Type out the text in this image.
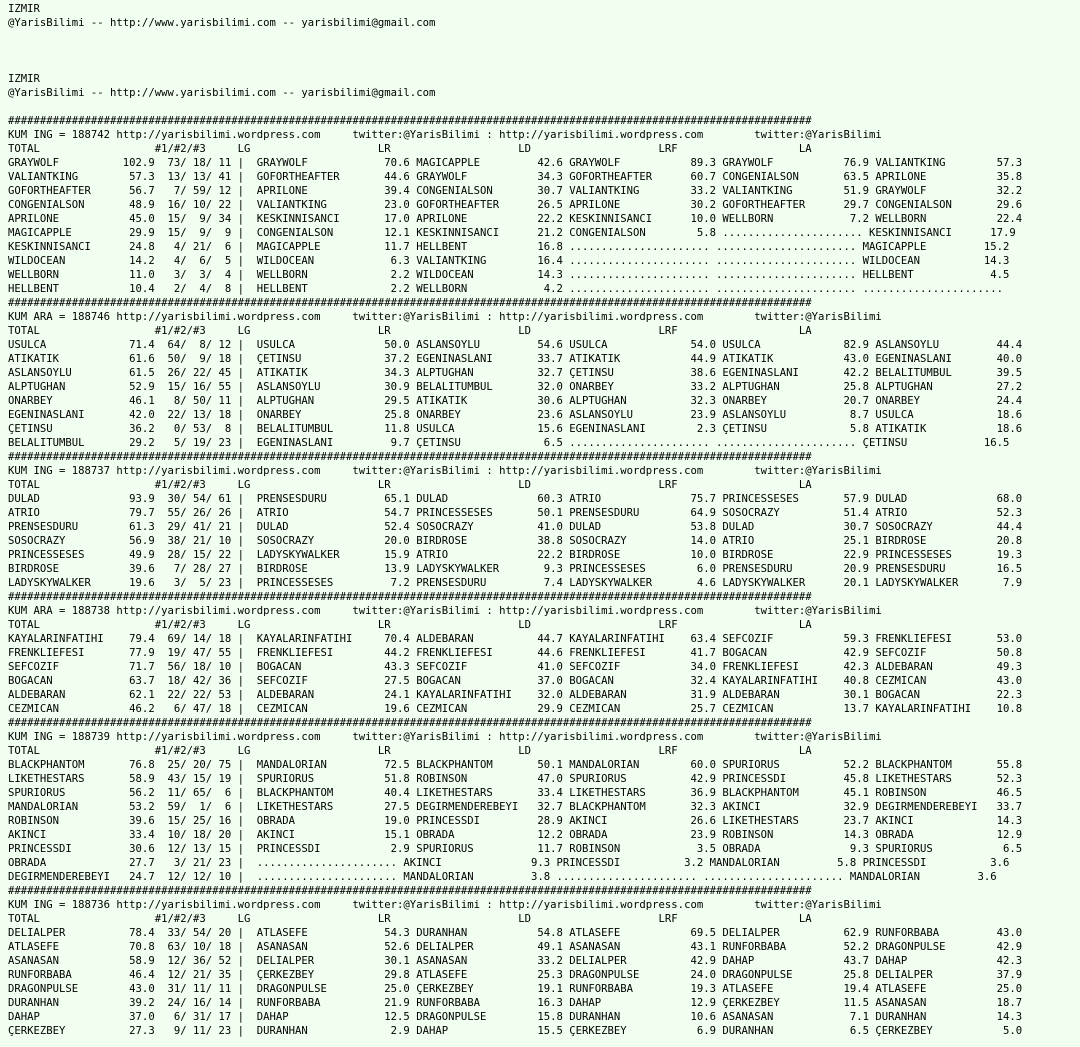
IZMIR
@YarisBilimi -- http://www.yarisbilimi.com -- yarisbilimi@gmail.com
IZMIR
@YarisBilimi -- http://www.yarisbilimi.com -- yarisbilimi@gmail.com
##############################################################################################################################
KUM ING = 188742 http://yarisbilimi.wordpress.com     twitter:@YarisBilimi : http://yarisbilimi.wordpress.com        twitter:@YarisBilimi
TOTAL                  #1/#2/#3     LG                    LR                    LD                    LRF                   LA
GRAYWOLF          102.9  73/ 18/ 11 |  GRAYWOLF            70.6 MAGICAPPLE         42.6 GRAYWOLF           89.3 GRAYWOLF           76.9 VALIANTKING        57.3
VALIANTKING        57.3  13/ 13/ 41 |  GOFORTHEAFTER       44.6 GRAYWOLF           34.3 GOFORTHEAFTER      60.7 CONGENIALSON       63.5 APRILONE           35.8
GOFORTHEAFTER      56.7   7/ 59/ 12 |  APRILONE            39.4 CONGENIALSON       30.7 VALIANTKING        33.2 VALIANTKING        51.9 GRAYWOLF           32.2
CONGENIALSON       48.9  16/ 10/ 22 |  VALIANTKING         23.0 GOFORTHEAFTER      26.5 APRILONE           30.2 GOFORTHEAFTER      29.7 CONGENIALSON       29.6
APRILONE           45.0  15/  9/ 34 |  KESKINNISANCI       17.0 APRILONE           22.2 KESKINNISANCI      10.0 WELLBORN            7.2 WELLBORN           22.4
MAGICAPPLE         29.9  15/  9/  9 |  CONGENIALSON        12.1 KESKINNISANCI      21.2 CONGENIALSON        5.8 ...................... KESKINNISANCI      17.9
KESKINNISANCI      24.8   4/ 21/  6 |  MAGICAPPLE          11.7 HELLBENT           16.8 ...................... ...................... MAGICAPPLE         15.2
WILDOCEAN          14.2   4/  6/  5 |  WILDOCEAN            6.3 VALIANTKING        16.4 ...................... ...................... WILDOCEAN          14.3
WELLBORN           11.0   3/  3/  4 |  WELLBORN             2.2 WILDOCEAN          14.3 ...................... ...................... HELLBENT            4.5
HELLBENT           10.4   2/  4/  8 |  HELLBENT             2.2 WELLBORN            4.2 ...................... ...................... ......................
##############################################################################################################################
KUM ARA = 188746 http://yarisbilimi.wordpress.com     twitter:@YarisBilimi : http://yarisbilimi.wordpress.com        twitter:@YarisBilimi
TOTAL                  #1/#2/#3     LG                    LR                    LD                    LRF                   LA
USULCA             71.4  64/  8/ 12 |  USULCA              50.0 ASLANSOYLU         54.6 USULCA             54.0 USULCA             82.9 ASLANSOYLU         44.4
ATIKATIK           61.6  50/  9/ 18 |  ÇETINSU             37.2 EGENINASLANI       33.7 ATIKATIK           44.9 ATIKATIK           43.0 EGENINASLANI       40.0
ASLANSOYLU         61.5  26/ 22/ 45 |  ATIKATIK            34.3 ALPTUGHAN          32.7 ÇETINSU            38.6 EGENINASLANI       42.2 BELALITUMBUL       39.5
ALPTUGHAN          52.9  15/ 16/ 55 |  ASLANSOYLU          30.9 BELALITUMBUL       32.0 ONARBEY            33.2 ALPTUGHAN          25.8 ALPTUGHAN          27.2
ONARBEY            46.1   8/ 50/ 11 |  ALPTUGHAN           29.5 ATIKATIK           30.6 ALPTUGHAN          32.3 ONARBEY            20.7 ONARBEY            24.4
EGENINASLANI       42.0  22/ 13/ 18 |  ONARBEY             25.8 ONARBEY            23.6 ASLANSOYLU         23.9 ASLANSOYLU          8.7 USULCA             18.6
ÇETINSU            36.2   0/ 53/  8 |  BELALITUMBUL        11.8 USULCA             15.6 EGENINASLANI        2.3 ÇETINSU             5.8 ATIKATIK           18.6
BELALITUMBUL       29.2   5/ 19/ 23 |  EGENINASLANI         9.7 ÇETINSU             6.5 ...................... ...................... ÇETINSU            16.5
##############################################################################################################################
KUM ING = 188737 http://yarisbilimi.wordpress.com     twitter:@YarisBilimi : http://yarisbilimi.wordpress.com        twitter:@YarisBilimi
TOTAL                  #1/#2/#3     LG                    LR                    LD                    LRF                   LA
DULAD              93.9  30/ 54/ 61 |  PRENSESDURU         65.1 DULAD              60.3 ATRIO              75.7 PRINCESSESES       57.9 DULAD              68.0
ATRIO              79.7  55/ 26/ 26 |  ATRIO               54.7 PRINCESSESES       50.1 PRENSESDURU        64.9 SOSOCRAZY          51.4 ATRIO              52.3
PRENSESDURU        61.3  29/ 41/ 21 |  DULAD               52.4 SOSOCRAZY          41.0 DULAD              53.8 DULAD              30.7 SOSOCRAZY          44.4
SOSOCRAZY          56.9  38/ 21/ 10 |  SOSOCRAZY           20.0 BIRDROSE           38.8 SOSOCRAZY          14.0 ATRIO              25.1 BIRDROSE           20.8
PRINCESSESES       49.9  28/ 15/ 22 |  LADYSKYWALKER       15.9 ATRIO              22.2 BIRDROSE           10.0 BIRDROSE           22.9 PRINCESSESES       19.3
BIRDROSE           39.6   7/ 28/ 27 |  BIRDROSE            13.9 LADYSKYWALKER       9.3 PRINCESSESES        6.0 PRENSESDURU        20.9 PRENSESDURU        16.5
LADYSKYWALKER      19.6   3/  5/ 23 |  PRINCESSESES         7.2 PRENSESDURU         7.4 LADYSKYWALKER       4.6 LADYSKYWALKER      20.1 LADYSKYWALKER       7.9
##############################################################################################################################
KUM ARA = 188738 http://yarisbilimi.wordpress.com     twitter:@YarisBilimi : http://yarisbilimi.wordpress.com        twitter:@YarisBilimi
TOTAL                  #1/#2/#3     LG                    LR                    LD                    LRF                   LA
KAYALARINFATIHI    79.4  69/ 14/ 18 |  KAYALARINFATIHI     70.4 ALDEBARAN          44.7 KAYALARINFATIHI    63.4 SEFCOZIF           59.3 FRENKLIEFESI       53.0
FRENKLIEFESI       77.9  19/ 47/ 55 |  FRENKLIEFESI        44.2 FRENKLIEFESI       44.6 FRENKLIEFESI       41.7 BOGACAN            42.9 SEFCOZIF           50.8
SEFCOZIF           71.7  56/ 18/ 10 |  BOGACAN             43.3 SEFCOZIF           41.0 SEFCOZIF           34.0 FRENKLIEFESI       42.3 ALDEBARAN          49.3
BOGACAN            63.7  18/ 42/ 36 |  SEFCOZIF            27.5 BOGACAN            37.0 BOGACAN            32.4 KAYALARINFATIHI    40.8 CEZMICAN           43.0
ALDEBARAN          62.1  22/ 22/ 53 |  ALDEBARAN           24.1 KAYALARINFATIHI    32.0 ALDEBARAN          31.9 ALDEBARAN          30.1 BOGACAN            22.3
CEZMICAN           46.2   6/ 47/ 18 |  CEZMICAN            19.6 CEZMICAN           29.9 CEZMICAN           25.7 CEZMICAN           13.7 KAYALARINFATIHI    10.8
##############################################################################################################################
KUM ING = 188739 http://yarisbilimi.wordpress.com     twitter:@YarisBilimi : http://yarisbilimi.wordpress.com        twitter:@YarisBilimi
TOTAL                  #1/#2/#3     LG                    LR                    LD                    LRF                   LA
BLACKPHANTOM       76.8  25/ 20/ 75 |  MANDALORIAN         72.5 BLACKPHANTOM       50.1 MANDALORIAN        60.0 SPURIORUS          52.2 BLACKPHANTOM       55.8
LIKETHESTARS       58.9  43/ 15/ 19 |  SPURIORUS           51.8 ROBINSON           47.0 SPURIORUS          42.9 PRINCESSDI         45.8 LIKETHESTARS       52.3
SPURIORUS          56.2  11/ 65/  6 |  BLACKPHANTOM        40.4 LIKETHESTARS       33.4 LIKETHESTARS       36.9 BLACKPHANTOM       45.1 ROBINSON           46.5
MANDALORIAN        53.2  59/  1/  6 |  LIKETHESTARS        27.5 DEGIRMENDEREBEYI   32.7 BLACKPHANTOM       32.3 AKINCI             32.9 DEGIRMENDEREBEYI   33.7
ROBINSON           39.6  15/ 25/ 16 |  OBRADA              19.0 PRINCESSDI         28.9 AKINCI             26.6 LIKETHESTARS       23.7 AKINCI             14.3
AKINCI             33.4  10/ 18/ 20 |  AKINCI              15.1 OBRADA             12.2 OBRADA             23.9 ROBINSON           14.3 OBRADA             12.9
PRINCESSDI         30.6  12/ 13/ 15 |  PRINCESSDI           2.9 SPURIORUS          11.7 ROBINSON            3.5 OBRADA              9.3 SPURIORUS           6.5
OBRADA             27.7   3/ 21/ 23 |  ...................... AKINCI              9.3 PRINCESSDI          3.2 MANDALORIAN         5.8 PRINCESSDI          3.6
DEGIRMENDEREBEYI   24.7  12/ 12/ 10 |  ...................... MANDALORIAN         3.8 ...................... ...................... MANDALORIAN         3.6
##############################################################################################################################
KUM ING = 188736 http://yarisbilimi.wordpress.com     twitter:@YarisBilimi : http://yarisbilimi.wordpress.com        twitter:@YarisBilimi
TOTAL                  #1/#2/#3     LG                    LR                    LD                    LRF                   LA
DELIALPER          78.4  33/ 54/ 20 |  ATLASEFE            54.3 DURANHAN           54.8 ATLASEFE           69.5 DELIALPER          62.9 RUNFORBABA         43.0
ATLASEFE           70.8  63/ 10/ 18 |  ASANASAN            52.6 DELIALPER          49.1 ASANASAN           43.1 RUNFORBABA         52.2 DRAGONPULSE        42.9
ASANASAN           58.9  12/ 36/ 52 |  DELIALPER           30.1 ASANASAN           33.2 DELIALPER          42.9 DAHAP              43.7 DAHAP              42.3
RUNFORBABA         46.4  12/ 21/ 35 |  ÇERKEZBEY           29.8 ATLASEFE           25.3 DRAGONPULSE        24.0 DRAGONPULSE        25.8 DELIALPER          37.9
DRAGONPULSE        43.0  31/ 11/ 11 |  DRAGONPULSE         25.0 ÇERKEZBEY          19.1 RUNFORBABA         19.3 ATLASEFE           19.4 ATLASEFE           25.0
DURANHAN           39.2  24/ 16/ 14 |  RUNFORBABA          21.9 RUNFORBABA         16.3 DAHAP              12.9 ÇERKEZBEY          11.5 ASANASAN           18.7
DAHAP              37.0   6/ 31/ 17 |  DAHAP               12.5 DRAGONPULSE        15.8 DURANHAN           10.6 ASANASAN            7.1 DURANHAN           14.3
ÇERKEZBEY          27.3   9/ 11/ 23 |  DURANHAN             2.9 DAHAP              15.5 ÇERKEZBEY           6.9 DURANHAN            6.5 ÇERKEZBEY           5.0
